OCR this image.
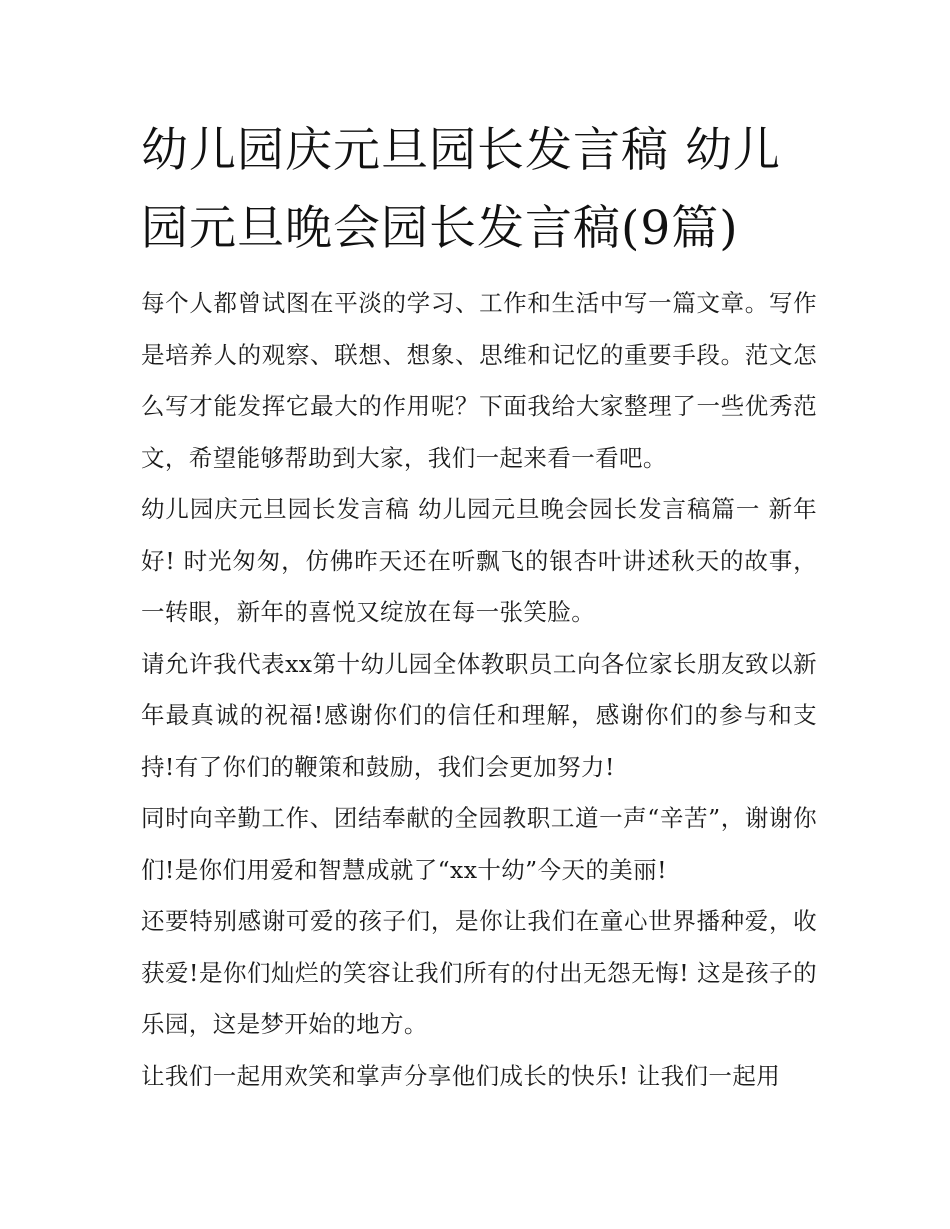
幼儿园庆元旦园长发言稿 幼儿园元旦晚会园长发言稿(9篇)

每个人都曾试图在平淡的学习、工作和生活中写一篇文章。写作是培养人的观察、联想、想象、思维和记忆的重要手段。范文怎么写才能发挥它最大的作用呢？下面我给大家整理了一些优秀范文，希望能够帮助到大家，我们一起来看一看吧。

幼儿园庆元旦园长发言稿 幼儿园元旦晚会园长发言稿篇一 新年好! 时光匆匆，仿佛昨天还在听飘飞的银杏叶讲述秋天的故事，一转眼，新年的喜悦又绽放在每一张笑脸。

请允许我代表xx第十幼儿园全体教职员工向各位家长朋友致以新年最真诚的祝福!感谢你们的信任和理解，感谢你们的参与和支持!有了你们的鞭策和鼓励，我们会更加努力!

同时向辛勤工作、团结奉献的全园教职工道一声“辛苦”，谢谢你们!是你们用爱和智慧成就了“xx十幼”今天的美丽!

还要特别感谢可爱的孩子们，是你让我们在童心世界播种爱，收获爱!是你们灿烂的笑容让我们所有的付出无怨无悔! 这是孩子的乐园，这是梦开始的地方。

让我们一起用欢笑和掌声分享他们成长的快乐! 让我们一起用
